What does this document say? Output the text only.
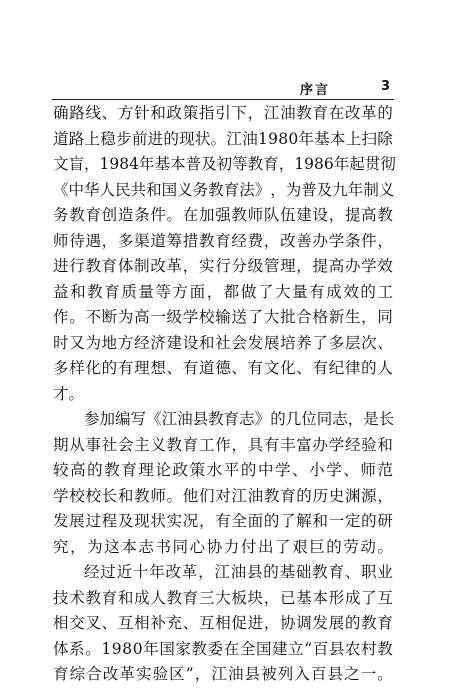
序言	3
确 路 线 、 方 针 和 政 策 指 引 下 ， 江 油 教 育 在 改 革 的
道 路 上 稳 步 前 进 的 现 状 。 江 油 1 9 8 0 年 基 本 上 扫 除
文 盲 ， 1 9 8 4 年 基 本 普 及 初 等 教 育 ， 1 9 8 6 年 起 贯 彻
《 中 华 人 民 共 和 国 义 务 教 育 法 》 ， 为 普 及 九 年 制 义
务 教 育 创 造 条 件 。 在 加 强 教 师 队 伍 建 设 ， 提 高 教
师 待 遇 ， 多 渠 道 筹 措 教 育 经 费 ， 改 善 办 学 条 件 ，
进 行 教 育 体 制 改 革 ， 实 行 分 级 管 理 ， 提 高 办 学 效
益 和 教 育 质 量 等 方 面 ， 都 做 了 大 量 有 成 效 的 工
作 。 不 断 为 高 一 级 学 校 输 送 了 大 批 合 格 新 生 ， 同
时 又 为 地 方 经 济 建 设 和 社 会 发 展 培 养 了 多 层 次 、
多 样 化 的 有 理 想 、 有 道 德 、 有 文 化 、 有 纪 律 的 人
才。
参 加 编 写 《 江 油 县 教 育 志 》 的 几 位 同 志 ， 是 长
期 从 事 社 会 主 义 教 育 工 作 ， 具 有 丰 富 办 学 经 验 和
较 高 的 教 育 理 论 政 策 水 平 的 中 学 、 小 学 、 师 范
学 校 校 长 和 教 师 。 他 们 对 江 油 教 育 的 历 史 渊 源 ，
发 展 过 程 及 现 状 实 况 ， 有 全 面 的 了 解 和 一 定 的 研
究 ， 为 这 本 志 书 同 心 协 力 付 出 了 艰 巨 的 劳 动 。
经 过 近 十 年 改 革 ， 江 油 县 的 基 础 教 育 、 职 业
技 术 教 育 和 成 人 教 育 三 大 板 块 ， 已 基 本 形 成 了 互
相 交 叉 、 互 相 补 充 、 互 相 促 进 ， 协 调 发 展 的 教 育
体 系 。 1 9 8 0 年 国 家 教 委 在 全 国 建 立 “ 百 县 农 村 教
育 综 合 改 革 实 验 区 ” ， 江 油 县 被 列 入 百 县 之 一 。
